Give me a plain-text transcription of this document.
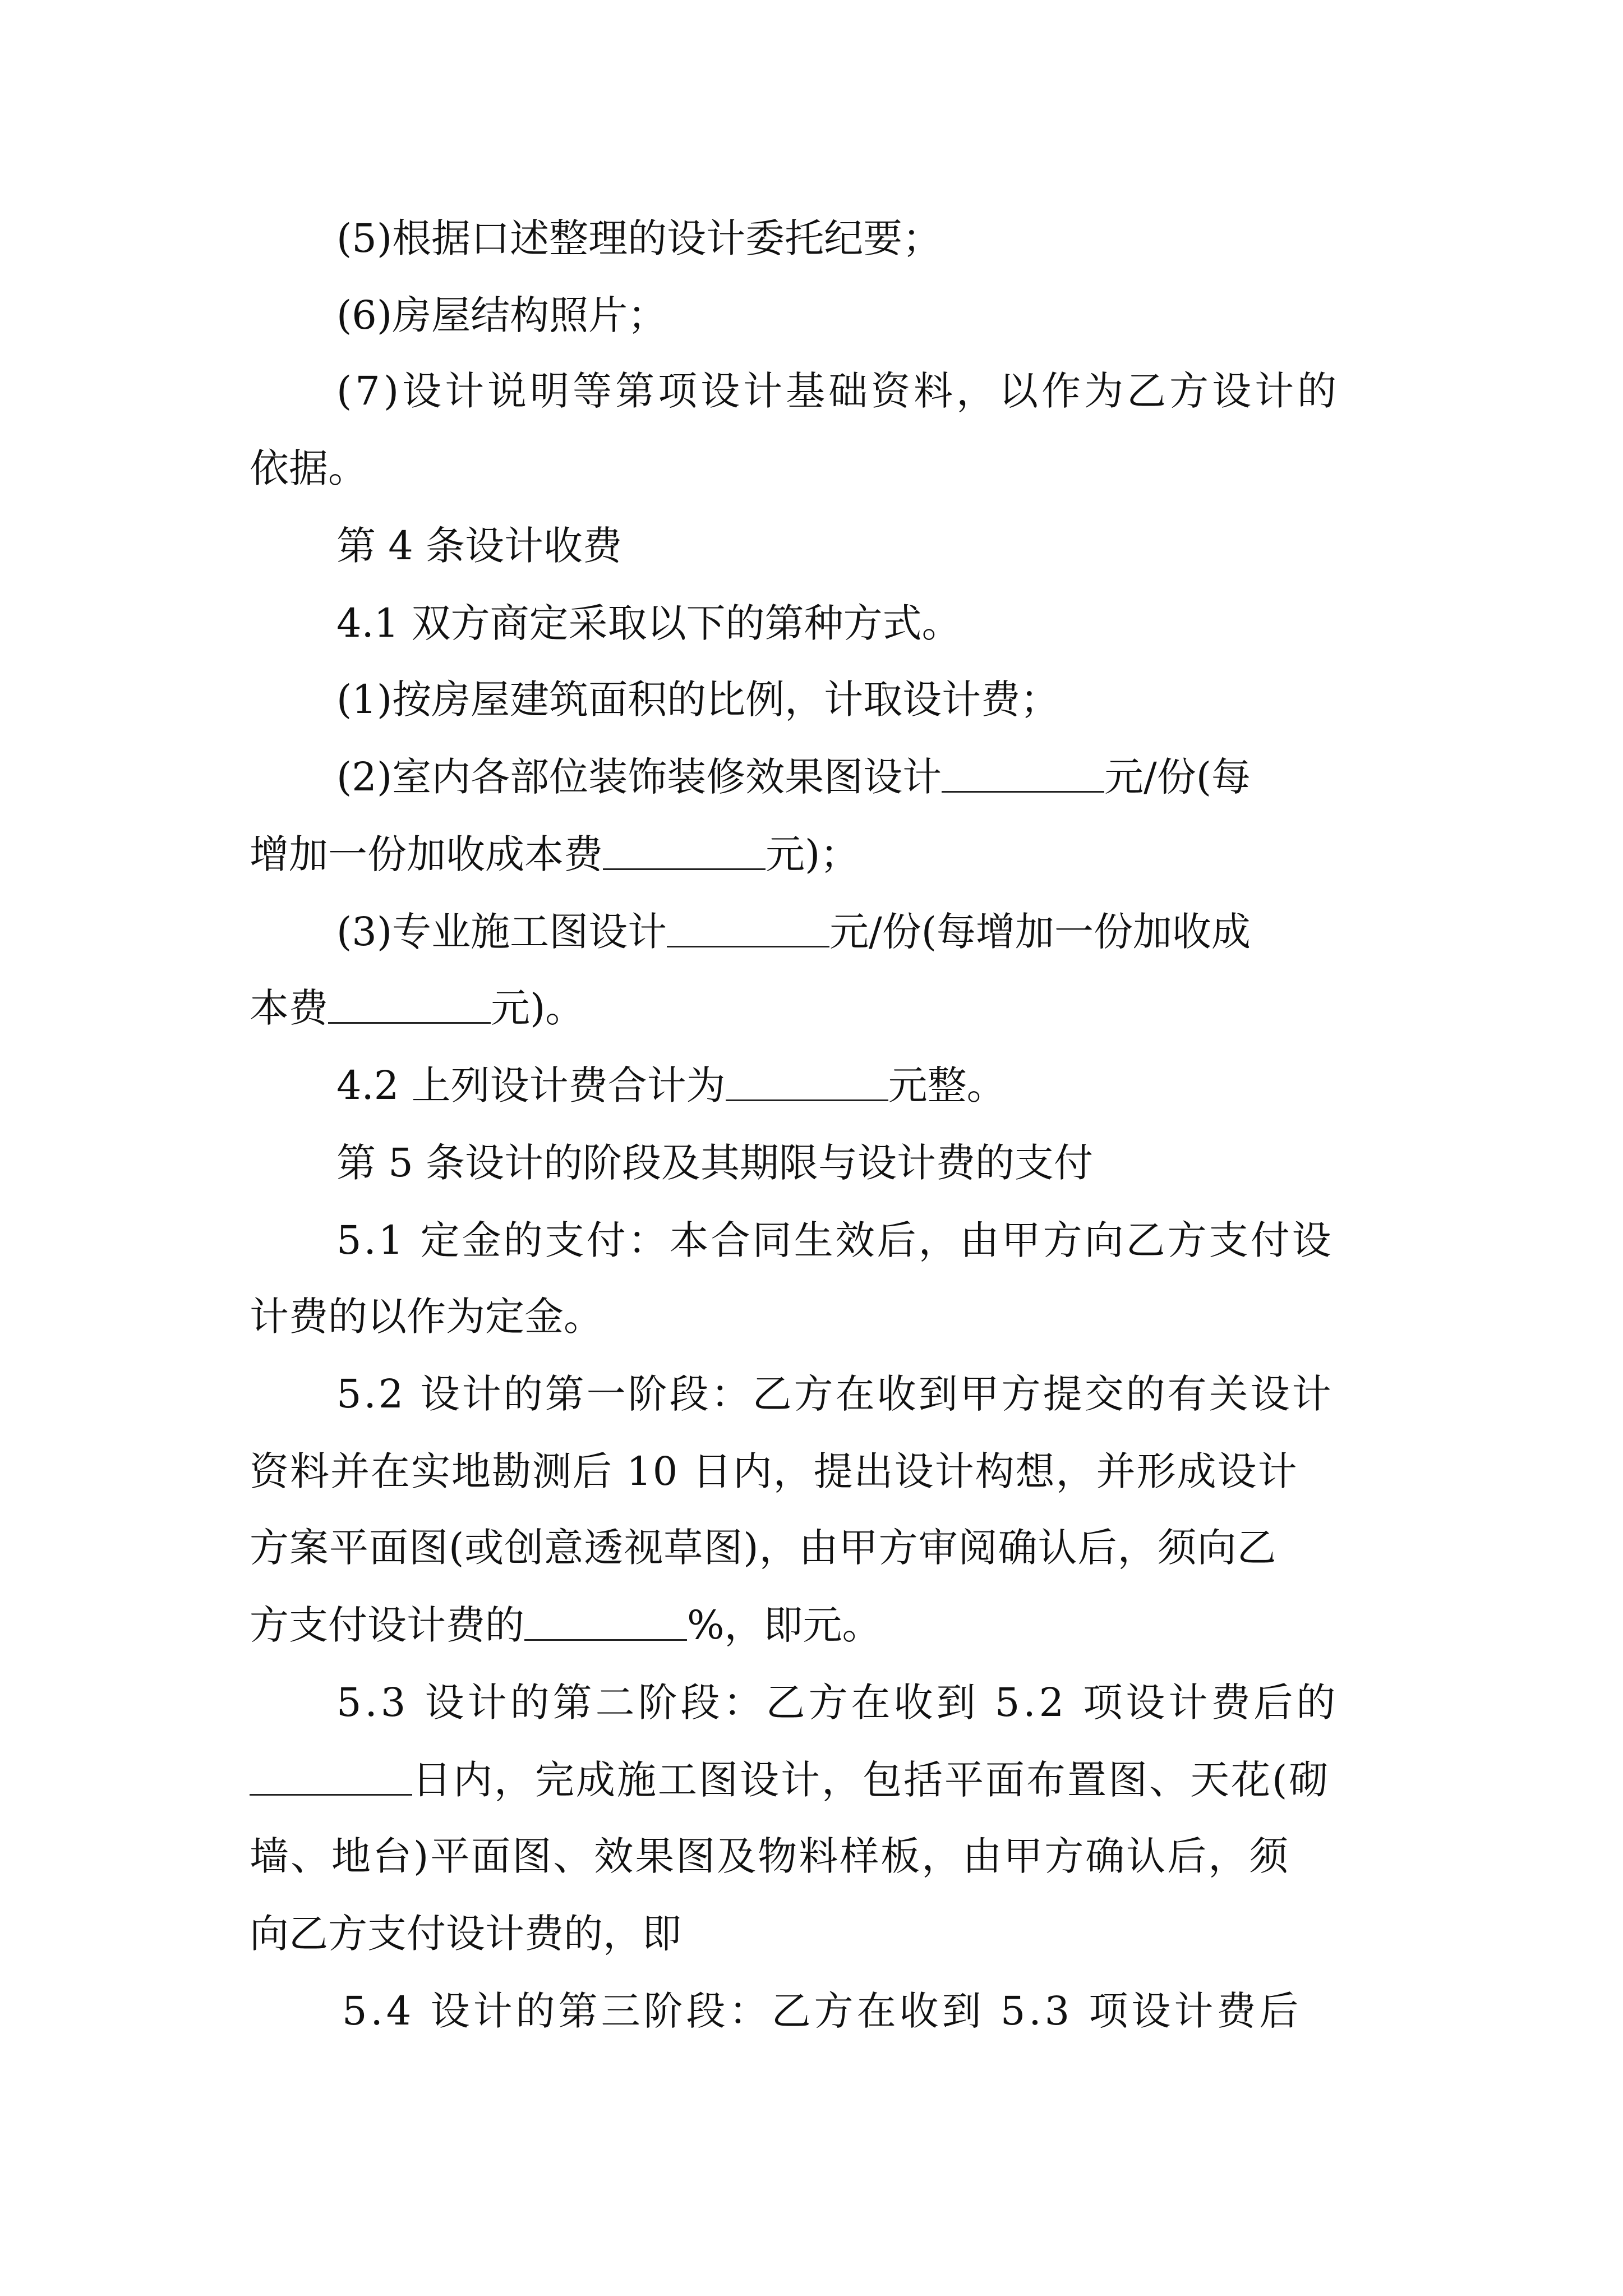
(5)根据口述整理的设计委托纪要；
(6)房屋结构照片；
(7)设计说明等第项设计基础资料，以作为乙方设计的
依据。
第 4 条设计收费
4.1 双方商定采取以下的第种方式。
(1)按房屋建筑面积的比例，计取设计费；
(2)室内各部位装饰装修效果图设计	元/份(每
增加一份加收成本费	元)；
(3)专业施工图设计	元/份(每增加一份加收成
本费	元)。
4.2 上列设计费合计为	元整。
第 5 条设计的阶段及其期限与设计费的支付
5.1 定金的支付：本合同生效后，由甲方向乙方支付设
计费的以作为定金。
5.2 设计的第一阶段：乙方在收到甲方提交的有关设计
资料并在实地勘测后 10 日内，提出设计构想，并形成设计
方案平面图(或创意透视草图)，由甲方审阅确认后，须向乙
方支付设计费的	%，即元。
5.3 设计的第二阶段：乙方在收到 5.2 项设计费后的
日内，完成施工图设计，包括平面布置图、天花(砌
墙、地台)平面图、效果图及物料样板，由甲方确认后，须
向乙方支付设计费的，即
5.4 设计的第三阶段：乙方在收到 5.3 项设计费后
